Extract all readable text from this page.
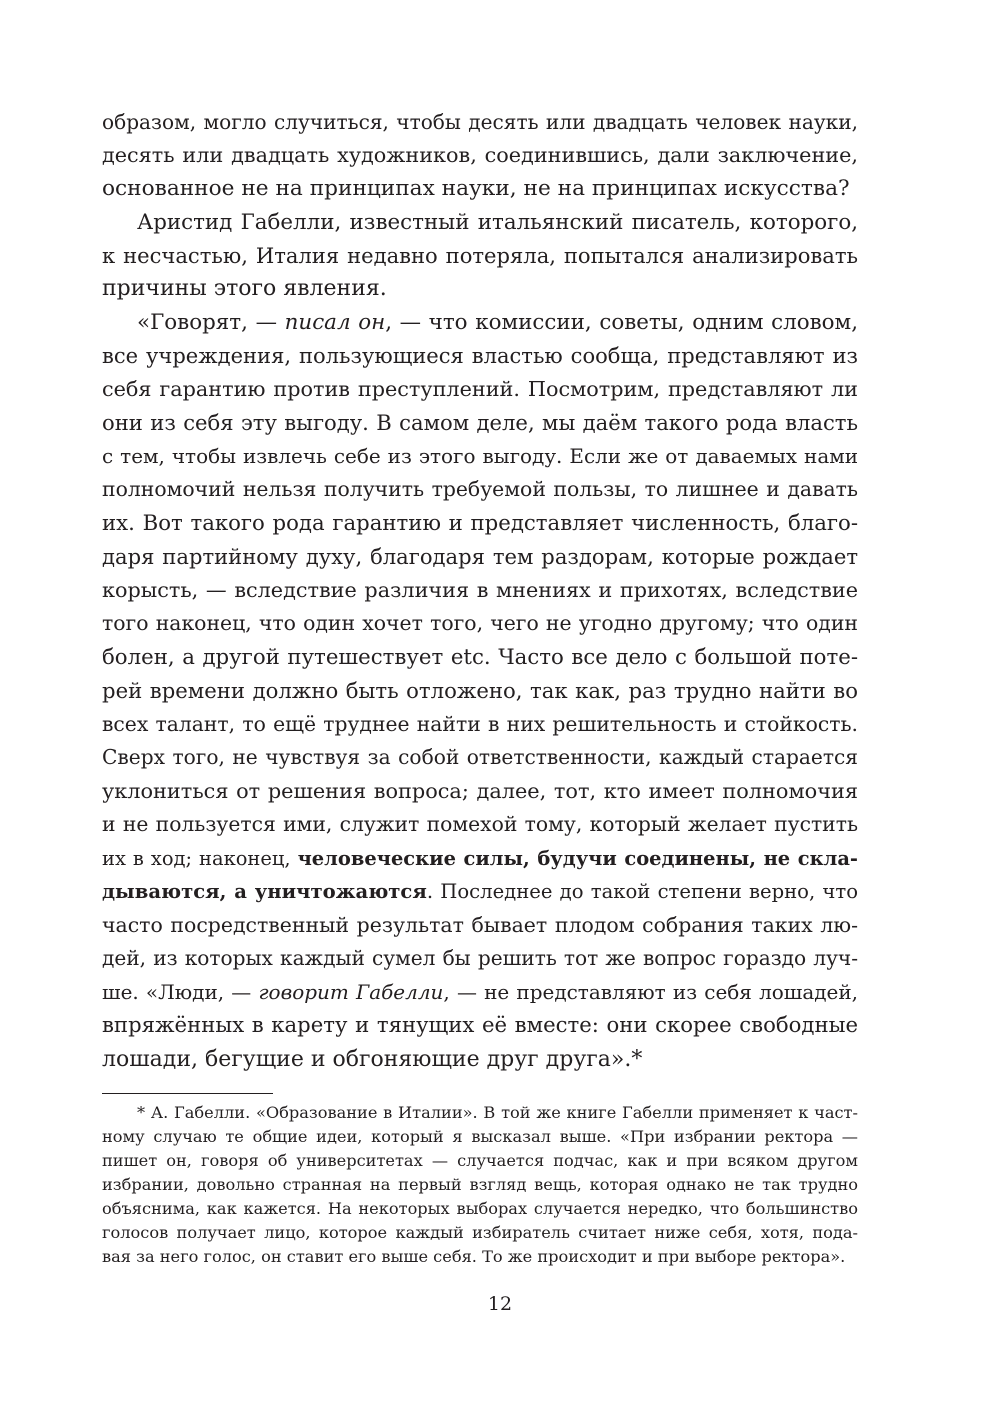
образом, могло случиться, чтобы десять или двадцать человек науки,
десять или двадцать художников, соединившись, дали заключение,
основанное не на принципах науки, не на принципах искусства?
Аристид Габелли, известный итальянский писатель, которого,
к несчастью, Италия недавно потеряла, попытался анализировать
причины этого явления.
«Говорят, — писал он, — что комиссии, советы, одним словом,
все учреждения, пользующиеся властью сообща, представляют из
себя гарантию против преступлений. Посмотрим, представляют ли
они из себя эту выгоду. В самом деле, мы даём такого рода власть
с тем, чтобы извлечь себе из этого выгоду. Если же от даваемых нами
полномочий нельзя получить требуемой пользы, то лишнее и давать
их. Вот такого рода гарантию и представляет численность, благо-
даря партийному духу, благодаря тем раздорам, которые рождает
корысть, — вследствие различия в мнениях и прихотях, вследствие
того наконец, что один хочет того, чего не угодно другому; что один
болен, а другой путешествует etc. Часто все дело с большой поте-
рей времени должно быть отложено, так как, раз трудно найти во
всех талант, то ещё труднее найти в них решительность и стойкость.
Сверх того, не чувствуя за собой ответственности, каждый старается
уклониться от решения вопроса; далее, тот, кто имеет полномочия
и не пользуется ими, служит помехой тому, который желает пустить
их в ход; наконец, человеческие силы, будучи соединены, не скла-
дываются, а уничтожаются. Последнее до такой степени верно, что
часто посредственный результат бывает плодом собрания таких лю-
дей, из которых каждый сумел бы решить тот же вопрос гораздо луч-
ше. «Люди, — говорит Габелли, — не представляют из себя лошадей,
впряжённых в карету и тянущих её вместе: они скорее свободные
лошади, бегущие и обгоняющие друг друга».*
* А. Габелли. «Образование в Италии». В той же книге Габелли применяет к част-
ному случаю те общие идеи, который я высказал выше. «При избрании ректора —
пишет он, говоря об университетах — случается подчас, как и при всяком другом
избрании, довольно странная на первый взгляд вещь, которая однако не так трудно
объяснима, как кажется. На некоторых выборах случается нередко, что большинство
голосов получает лицо, которое каждый избиратель считает ниже себя, хотя, пода-
вая за него голос, он ставит его выше себя. То же происходит и при выборе ректора».
12
